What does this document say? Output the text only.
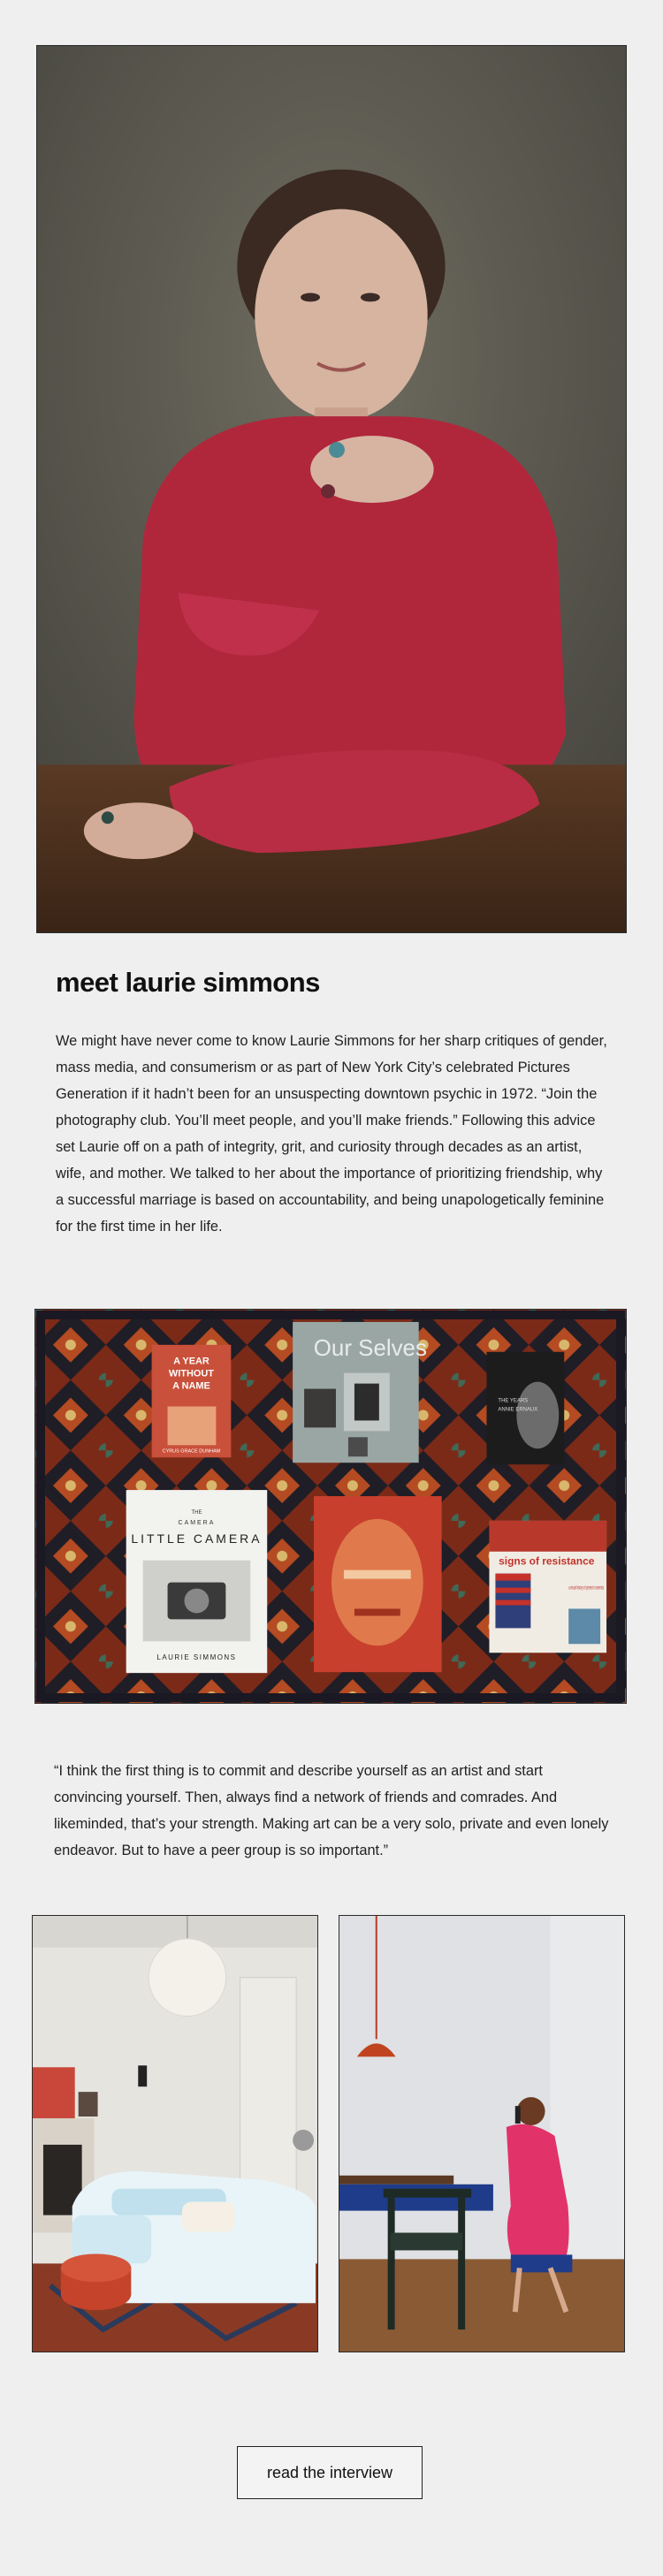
meet laurie simmons

We might have never come to know Laurie Simmons for her sharp critiques of gender, mass media, and consumerism or as part of New York City’s celebrated Pictures Generation if it hadn’t been for an unsuspecting downtown psychic in 1972. “Join the photography club. You’ll meet people, and you’ll make friends.” Following this advice set Laurie off on a path of integrity, grit, and curiosity through decades as an artist, wife, and mother. We talked to her about the importance of prioritizing friendship, why a successful marriage is based on accountability, and being unapologetically feminine for the first time in her life.

A YEAR
WITHOUT
A NAME
CYRUS GRACE DUNHAM
Our Selves
THE YEARS
ANNIE ERNAUX
THE
CAMERA
LITTLE CAMERA
LAURIE SIMMONS
signs of resistance
a visual history of protest in america

“I think the first thing is to commit and describe yourself as an artist and start convincing yourself. Then, always find a network of friends and comrades. And likeminded, that’s your strength. Making art can be a very solo, private and even lonely endeavor. But to have a peer group is so important.”

read the interview
